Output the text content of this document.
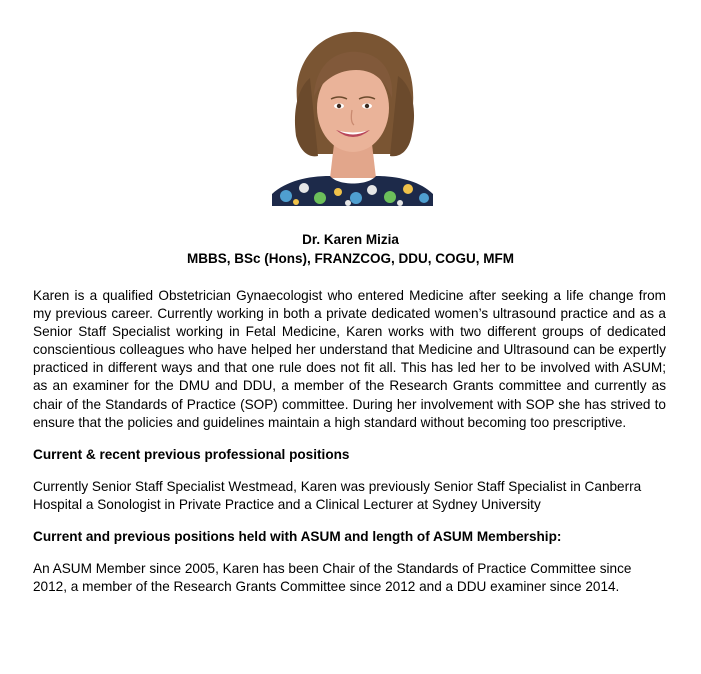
Dr. Karen Mizia
MBBS, BSc (Hons), FRANZCOG, DDU, COGU, MFM

Karen is a qualified Obstetrician Gynaecologist who entered Medicine after seeking a life change from my previous career. Currently working in both a private dedicated women’s ultrasound practice and as a Senior Staff Specialist working in Fetal Medicine, Karen works with two different groups of dedicated conscientious colleagues who have helped her understand that Medicine and Ultrasound can be expertly practiced in different ways and that one rule does not fit all. This has led her to be involved with ASUM; as an examiner for the DMU and DDU, a member of the Research Grants committee and currently as chair of the Standards of Practice (SOP) committee. During her involvement with SOP she has strived to ensure that the policies and guidelines maintain a high standard without becoming too prescriptive.

Current & recent previous professional positions

Currently Senior Staff Specialist Westmead, Karen was previously Senior Staff Specialist in Canberra Hospital a Sonologist in Private Practice and a Clinical Lecturer at Sydney University

Current and previous positions held with ASUM and length of ASUM Membership:

An ASUM Member since 2005, Karen has been Chair of the Standards of Practice Committee since 2012, a member of the Research Grants Committee since 2012 and a DDU examiner since 2014.
